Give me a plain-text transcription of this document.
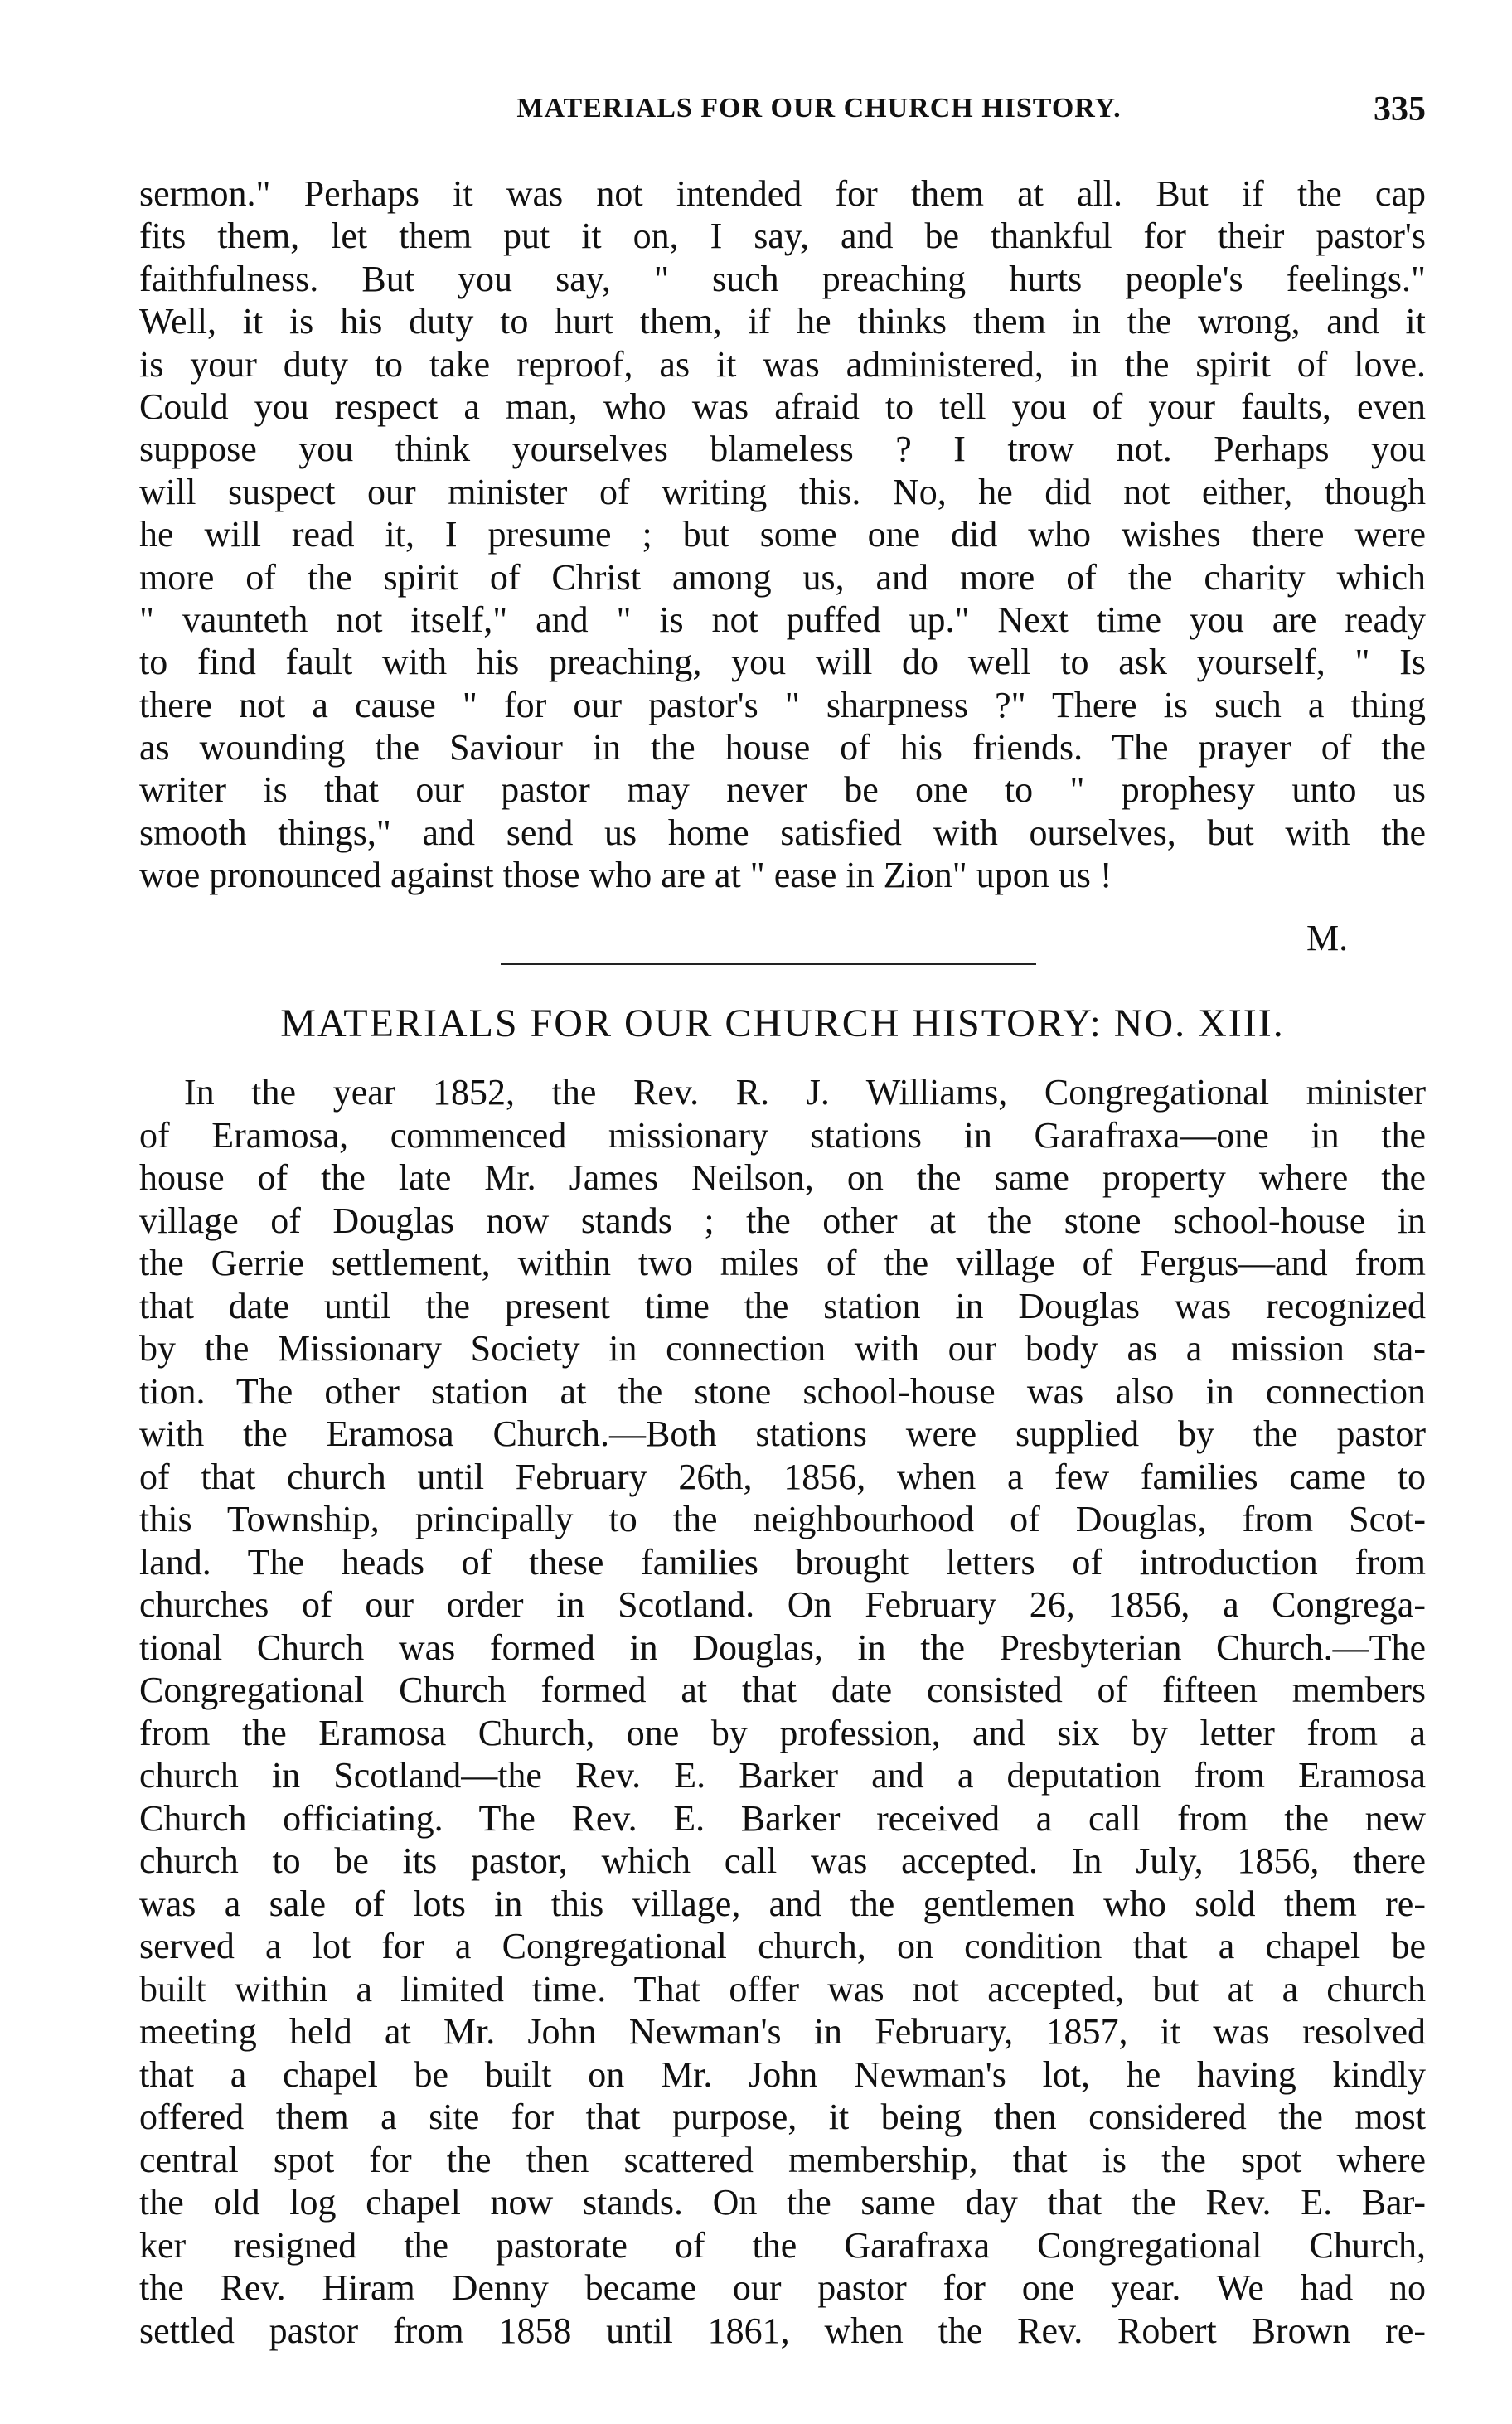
MATERIALS FOR OUR CHURCH HISTORY.	335
sermon." Perhaps it was not intended for them at all. But if the cap
fits them, let them put it on, I say, and be thankful for their pastor's
faithfulness. But you say, " such preaching hurts people's feelings."
Well, it is his duty to hurt them, if he thinks them in the wrong, and it
is your duty to take reproof, as it was administered, in the spirit of love.
Could you respect a man, who was afraid to tell you of your faults, even
suppose you think yourselves blameless ? I trow not. Perhaps you
will suspect our minister of writing this. No, he did not either, though
he will read it, I presume ; but some one did who wishes there were
more of the spirit of Christ among us, and more of the charity which
" vaunteth not itself," and " is not puffed up." Next time you are ready
to find fault with his preaching, you will do well to ask yourself, " Is
there not a cause " for our pastor's " sharpness ?" There is such a thing
as wounding the Saviour in the house of his friends. The prayer of the
writer is that our pastor may never be one to " prophesy unto us
smooth things," and send us home satisfied with ourselves, but with the
woe pronounced against those who are at " ease in Zion" upon us !
M.
MATERIALS FOR OUR CHURCH HISTORY: NO. XIII.
In the year 1852, the Rev. R. J. Williams, Congregational minister
of Eramosa, commenced missionary stations in Garafraxa—one in the
house of the late Mr. James Neilson, on the same property where the
village of Douglas now stands ; the other at the stone school-house in
the Gerrie settlement, within two miles of the village of Fergus—and from
that date until the present time the station in Douglas was recognized
by the Missionary Society in connection with our body as a mission sta-
tion. The other station at the stone school-house was also in connection
with the Eramosa Church.—Both stations were supplied by the pastor
of that church until February 26th, 1856, when a few families came to
this Township, principally to the neighbourhood of Douglas, from Scot-
land. The heads of these families brought letters of introduction from
churches of our order in Scotland. On February 26, 1856, a Congrega-
tional Church was formed in Douglas, in the Presbyterian Church.—The
Congregational Church formed at that date consisted of fifteen members
from the Eramosa Church, one by profession, and six by letter from a
church in Scotland—the Rev. E. Barker and a deputation from Eramosa
Church officiating. The Rev. E. Barker received a call from the new
church to be its pastor, which call was accepted. In July, 1856, there
was a sale of lots in this village, and the gentlemen who sold them re-
served a lot for a Congregational church, on condition that a chapel be
built within a limited time. That offer was not accepted, but at a church
meeting held at Mr. John Newman's in February, 1857, it was resolved
that a chapel be built on Mr. John Newman's lot, he having kindly
offered them a site for that purpose, it being then considered the most
central spot for the then scattered membership, that is the spot where
the old log chapel now stands. On the same day that the Rev. E. Bar-
ker resigned the pastorate of the Garafraxa Congregational Church,
the Rev. Hiram Denny became our pastor for one year. We had no
settled pastor from 1858 until 1861, when the Rev. Robert Brown re-
